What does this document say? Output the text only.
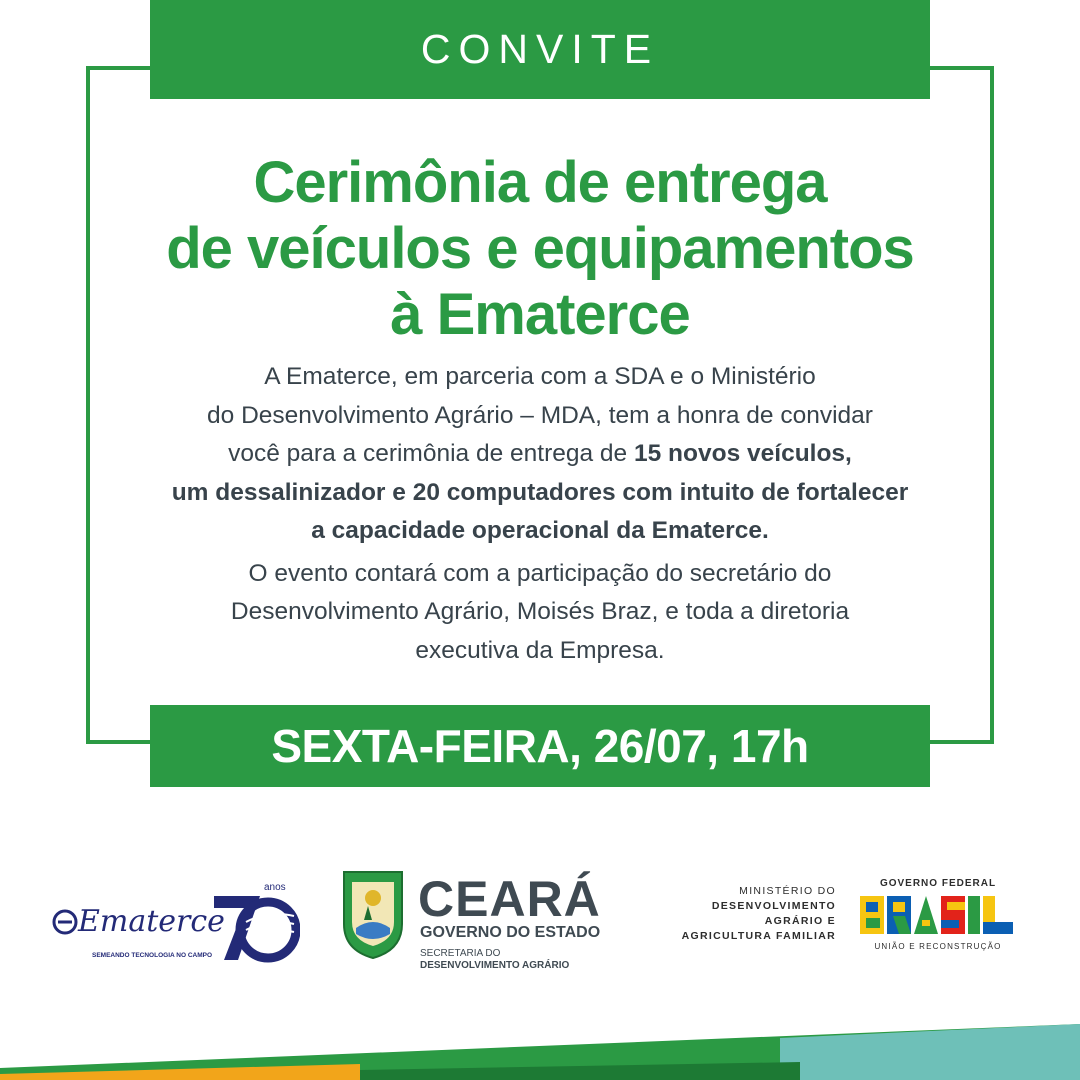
CONVITE
Cerimônia de entrega
de veículos e equipamentos
à Ematerce
A Ematerce, em parceria com a SDA e o Ministério
do Desenvolvimento Agrário – MDA, tem a honra de convidar
você para a cerimônia de entrega de 15 novos veículos,
um dessalinizador e 20 computadores com intuito de fortalecer
a capacidade operacional da Ematerce.
O evento contará com a participação do secretário do
Desenvolvimento Agrário, Moisés Braz, e toda a diretoria
executiva da Empresa.
SEXTA-FEIRA, 26/07, 17h
Ematerce
SEMEANDO TECNOLOGIA NO CAMPO
anos	CEARÁ
GOVERNO DO ESTADO
SECRETARIA DO
DESENVOLVIMENTO AGRÁRIO
MINISTÉRIO DO
DESENVOLVIMENTO
AGRÁRIO E
AGRICULTURA FAMILIAR
GOVERNO FEDERAL
UNIÃO E RECONSTRUÇÃO
